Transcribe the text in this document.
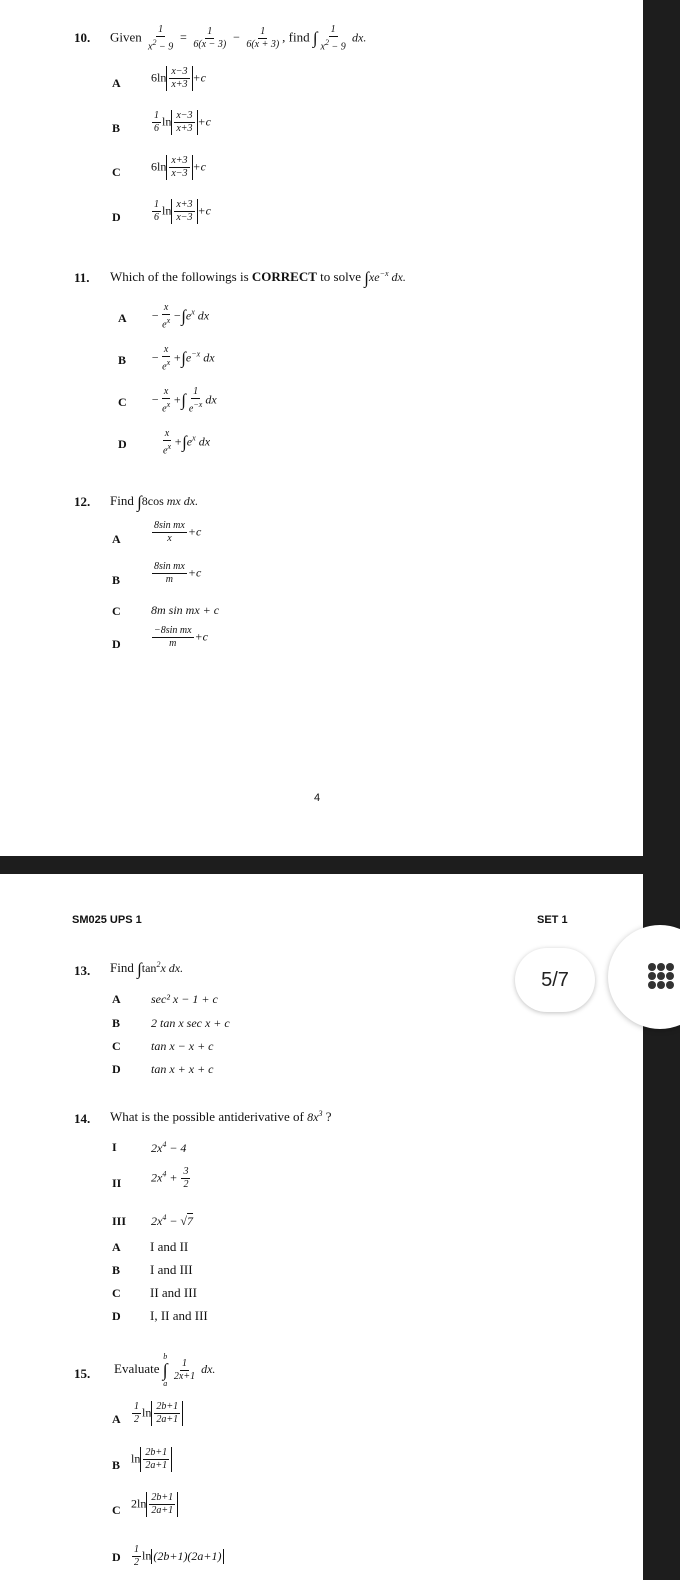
10. Given $\frac{1}{x^2 - 9} = \frac{1}{6(x - 3)} - \frac{1}{6(x + 3)}$ , find ∫ $\frac{1}{x^2 - 9}$ dx.
A	$6\ln \frac{x-3}{x+3} +c$
B	$\frac{1}{6}$ $\ln \frac{x-3}{x+3} +c$
C	$6\ln \frac{x+3}{x-3} +c$
D	$\frac{1}{6}$ $\ln \frac{x+3}{x-3} +c$
11. Which of the followings is CORRECT to solve $\int xe^{-x}$ dx.
$A - \frac{x}{e^x} -\int e^x$ dx
$B - \frac{x}{e^x} +\int e^{-x}$ dx
$C - \frac{x}{e^x}$ +∫ $\frac{1}{e^{-x}}$ dx
D	$\frac{x}{e^x} +\int e^x$ dx
12. Find ∫8cos mx dx.
A	$\frac{\text{8sin mx}}{x} +c$
B	$\frac{\text{8sin mx}}{m} +c$
C	8m sin mx + c
D	$\frac{\text{−8sin mx}}{m} +c$
4
SM025 UPS 1	SET 1
13. Find $\int\tan^2x$ dx.
A	sec² x − 1 + c
B	2 tan x sec x + c
C	tan x − x + c
D	tan x + x + c
14. What is the possible antiderivative of $8x^3$ ?
I	$2x^4 - 4$
II $2x^4 + \frac{3}{2}$
III $2x^4 - √7$
A I and II
B I and III
C II and III
D I, II and III
15. Evaluate
b
∫
a

$\frac{1}{2x+1}$ dx.
A $\frac{1}{2}$ $\ln \frac{2b+1}{2a+1}$
B $\ln \frac{2b+1}{2a+1}$
C $2\ln \frac{2b+1}{2a+1}$
D $\frac{1}{2}$ ln (2b+1)(2a+1)
5/7
